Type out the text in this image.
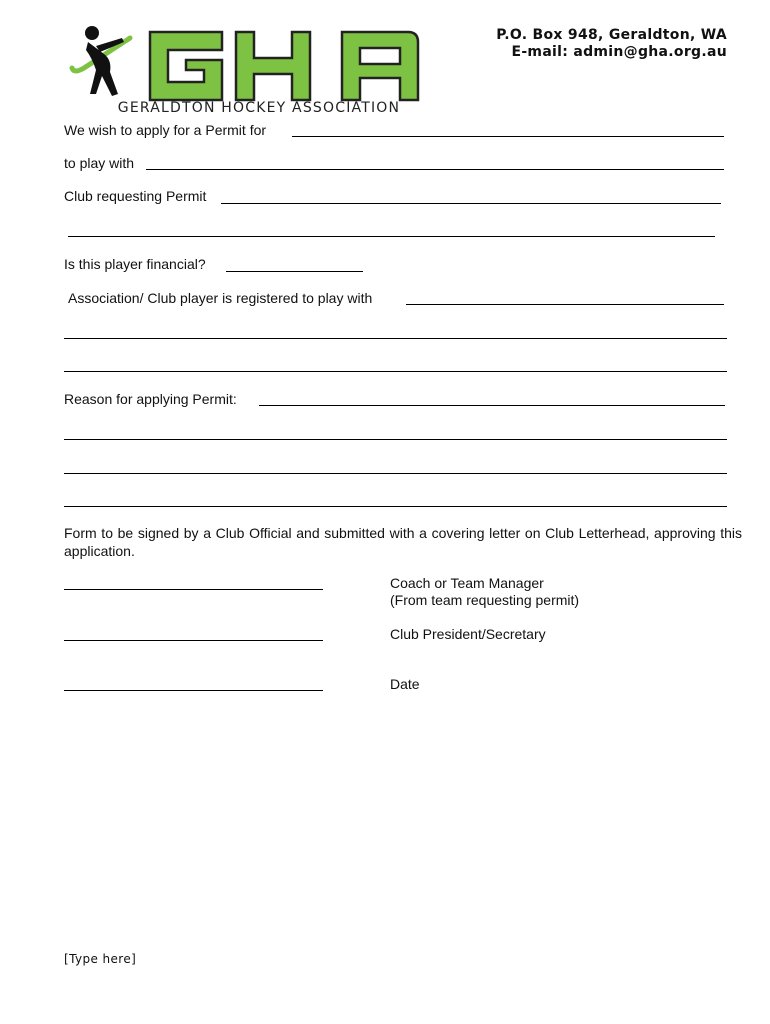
GERALDTON HOCKEY ASSOCIATION
P.O. Box 948, Geraldton, WA
E-mail: admin@gha.org.au
We wish to apply for a Permit for
to play with
Club requesting Permit
Is this player financial?
Association/ Club player is registered to play with
Reason for applying Permit:
Form to be signed by a Club Official and submitted with a covering letter on Club Letterhead, approving this application.
Coach or Team Manager
(From team requesting permit)
Club President/Secretary
Date
[Type here]
